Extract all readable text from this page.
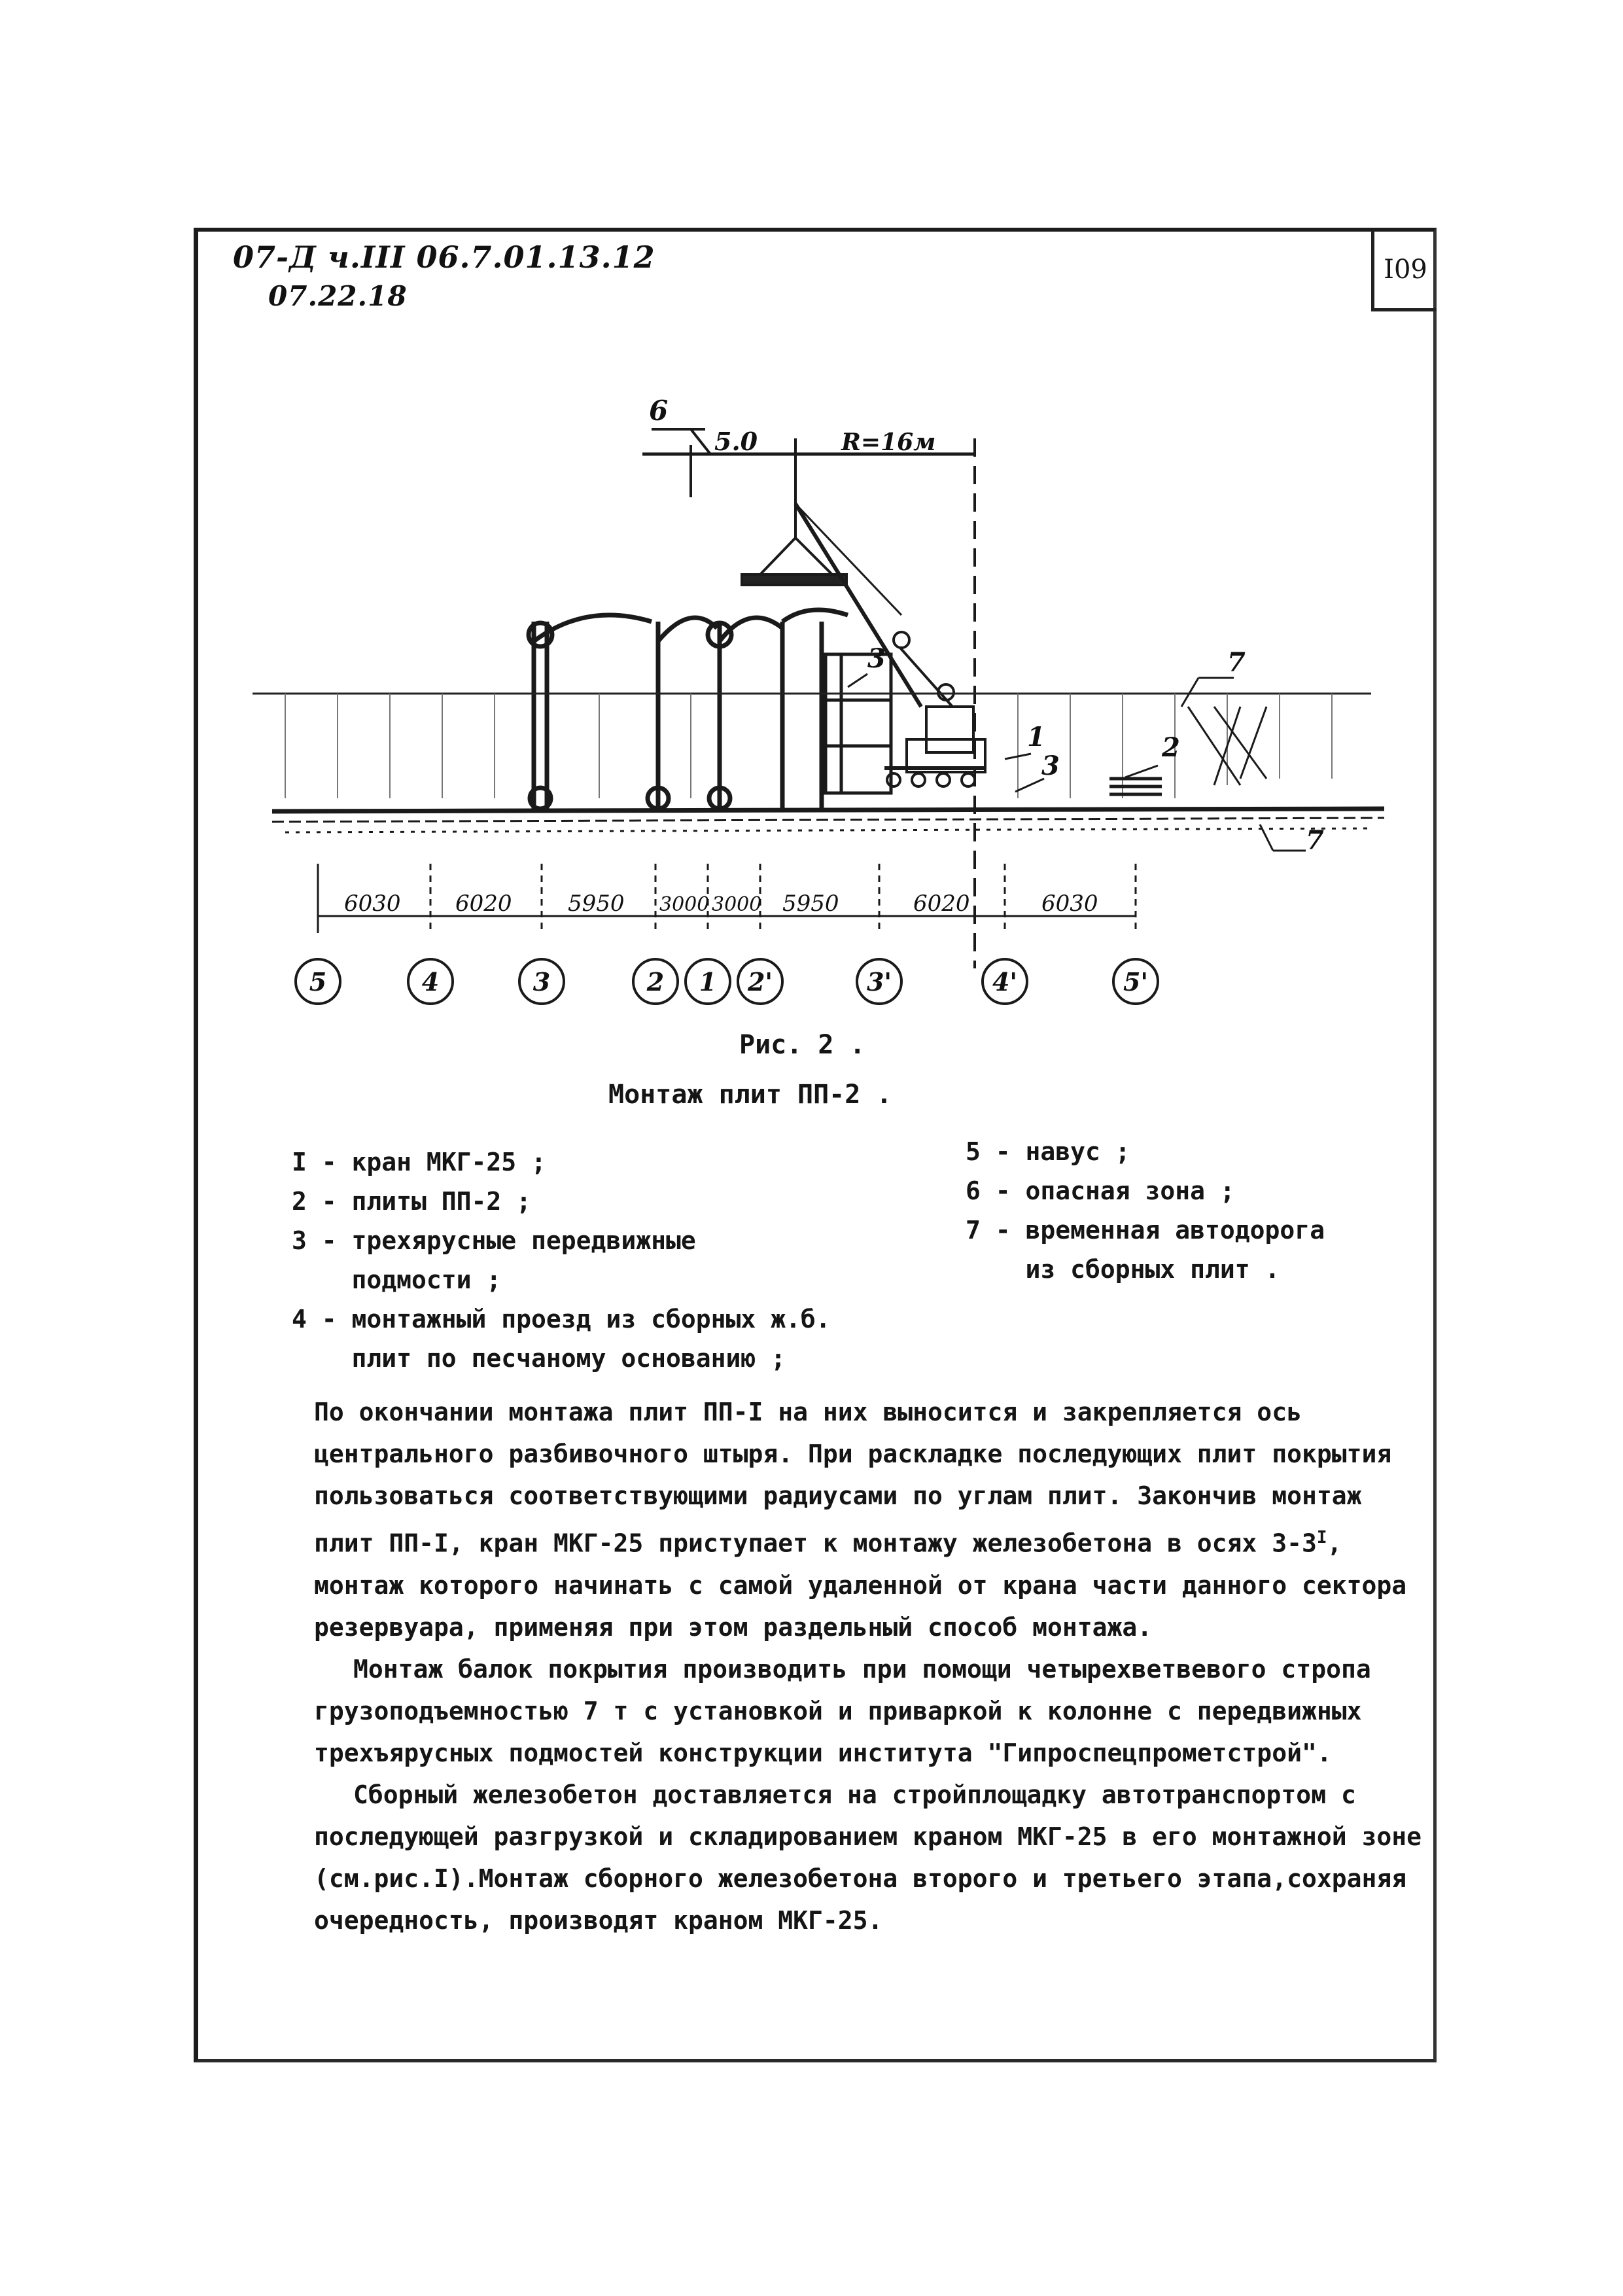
07-Д ч.III 06.7.01.13.12
07.22.18
I09
6
5.0	R=16м
7
1
3
3
2
7
6030 6020	5950 3000 3000 5950	6020	6030
5	4	3	2 1 2'	3'	4'	5'
Рис. 2 .
Монтаж плит ПП-2 .
I - кран МКГ-25 ;
2 - плиты ПП-2 ;
3 - трехярусные передвижные
подмости ;
4 - монтажный проезд из сборных ж.б.
плит по песчаному основанию ;
5 - навус ;
6 - опасная зона ;
7 - временная автодорога
из сборных плит .

По окончании монтажа плит ПП-I на них выносится и закрепляется ось центрального разбивочного штыря. При раскладке последующих плит покрытия пользоваться соответствующими радиусами по углам плит. Закончив монтаж плит ПП-I, кран МКГ-25 приступает к монтажу железобетона в осях $3-3^I$, монтаж которого начинать с самой удаленной от крана части данного сектора резервуара, применяя при этом раздельный способ монтажа.

Монтаж балок покрытия производить при помощи четырехветвевого стропа грузоподъемностью 7 т с установкой и приваркой к колонне с передвижных трехъярусных подмостей конструкции института "Гипроспецпрометстрой".

Сборный железобетон доставляется на стройплощадку автотранспортом с последующей разгрузкой и складированием краном МКГ-25 в его монтажной зоне (см.рис.I).Монтаж сборного железобетона второго и третьего этапа,сохраняя очередность, производят краном МКГ-25.
